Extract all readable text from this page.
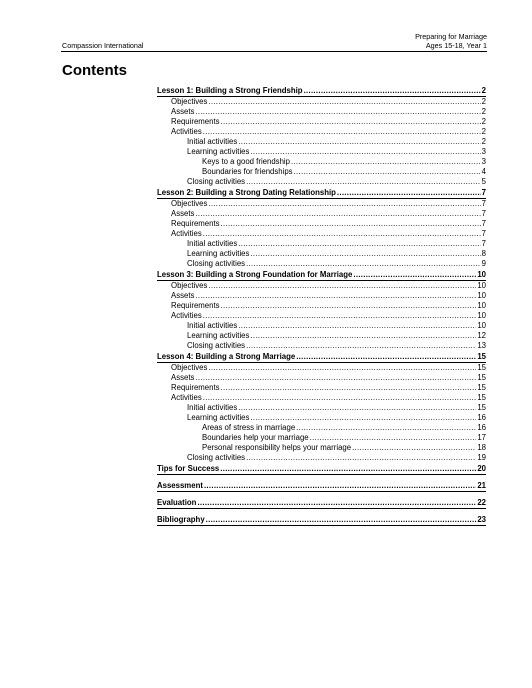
Compassion International
Preparing for Marriage
Ages 15-18, Year 1
Contents
Lesson 1: Building a Strong Friendship .....	2
Objectives .....	2
Assets .....	2
Requirements .....	2
Activities .....	2
Initial activities .....	2
Learning activities .....	3
Keys to a good friendship .....	3
Boundaries for friendships .....	4
Closing activities .....	5
Lesson 2: Building a Strong Dating Relationship .....	7
Objectives .....	7
Assets .....	7
Requirements .....	7
Activities .....	7
Initial activities .....	7
Learning activities .....	8
Closing activities .....	9
Lesson 3: Building a Strong Foundation for Marriage .....	10
Objectives .....	10
Assets .....	10
Requirements .....	10
Activities .....	10
Initial activities .....	10
Learning activities .....	12
Closing activities .....	13
Lesson 4: Building a Strong Marriage .....	15
Objectives .....	15
Assets .....	15
Requirements .....	15
Activities .....	15
Initial activities .....	15
Learning activities .....	16
Areas of stress in marriage .....	16
Boundaries help your marriage .....	17
Personal responsibility helps your marriage .....	18
Closing activities .....	19
Tips for Success .....	20
Assessment .....	21
Evaluation .....	22
Bibliography .....	23
